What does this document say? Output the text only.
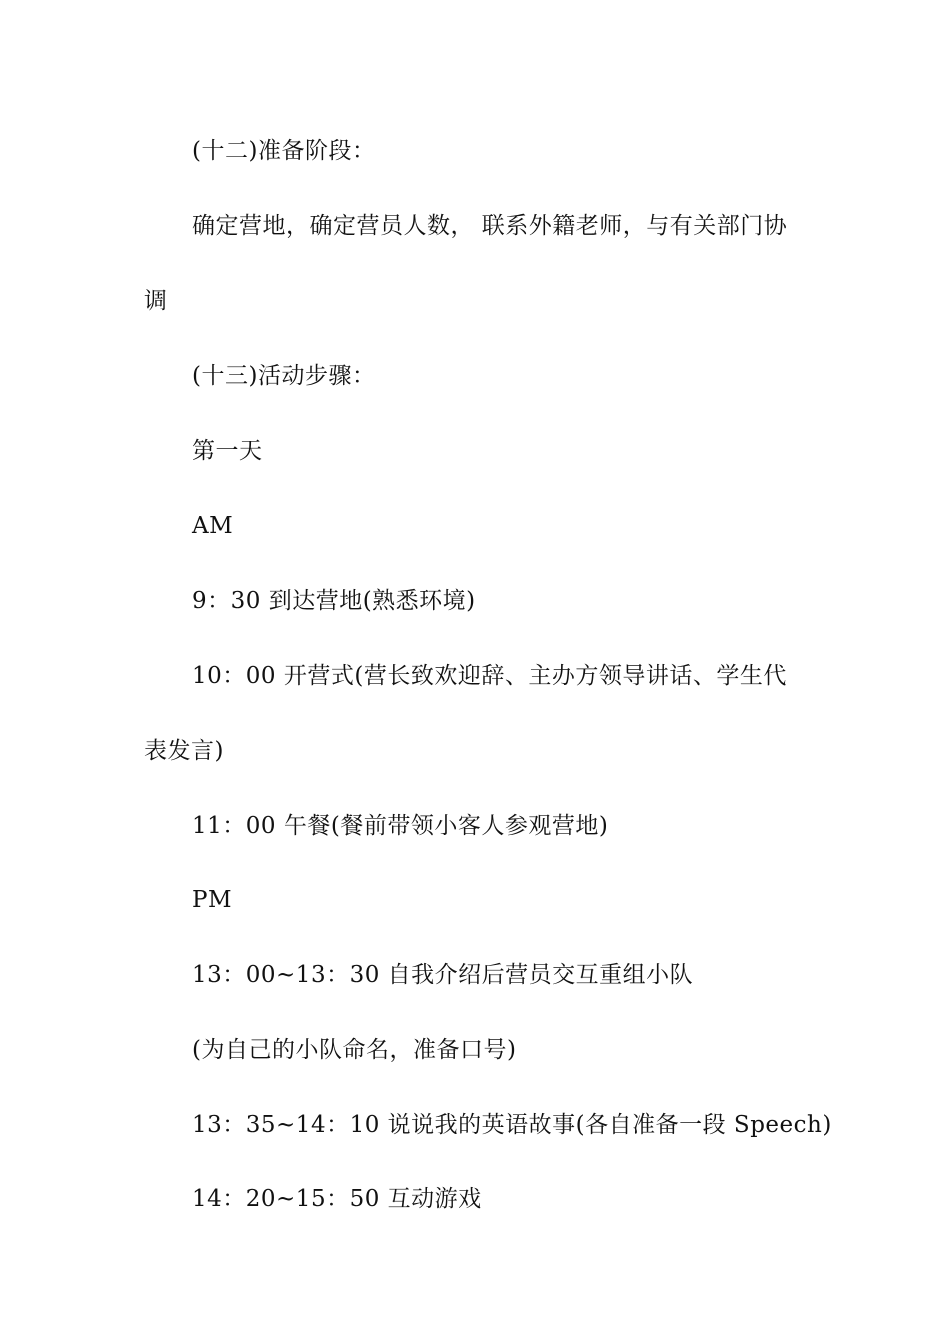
(十二)准备阶段：
确定营地，确定营员人数， 联系外籍老师，与有关部门协
调
(十三)活动步骤：
第一天
AM
9：30 到达营地(熟悉环境)
10：00 开营式(营长致欢迎辞、主办方领导讲话、学生代
表发言)
11：00 午餐(餐前带领小客人参观营地)
PM
13：00~13：30 自我介绍后营员交互重组小队
(为自己的小队命名，准备口号)
13：35~14：10 说说我的英语故事(各自准备一段 Speech)
14：20~15：50 互动游戏
